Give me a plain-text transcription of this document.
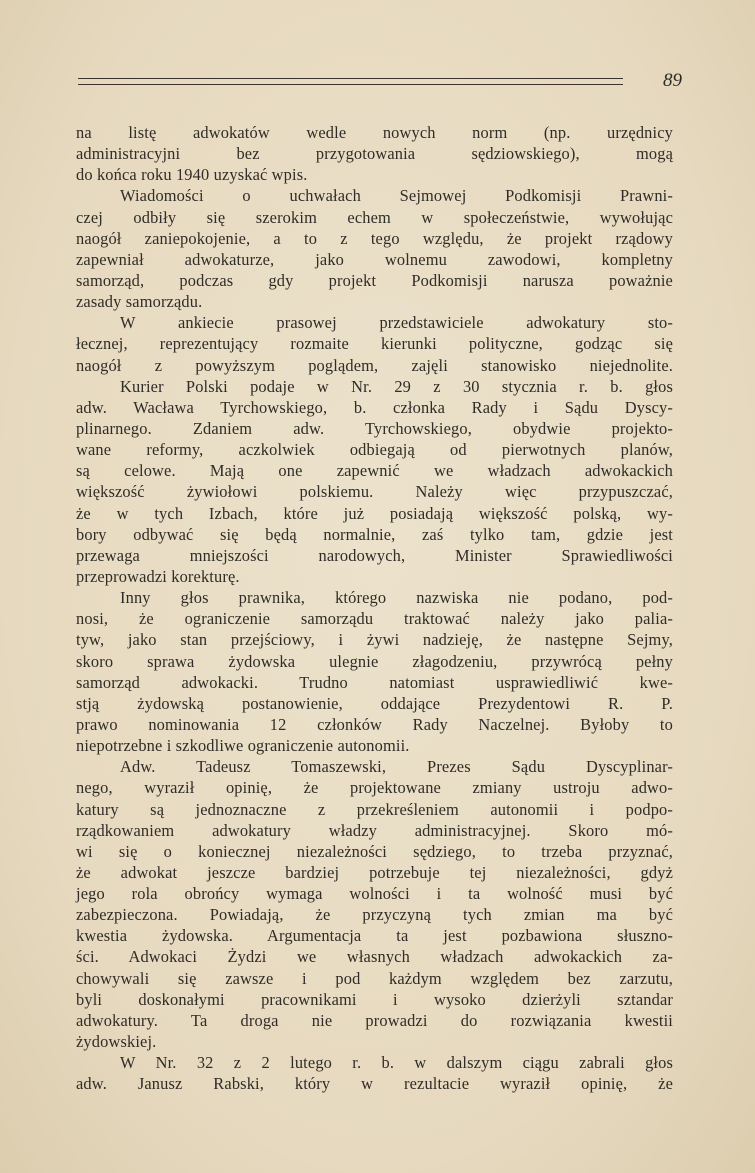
89
na listę adwokatów wedle nowych norm (np. urzędnicy
administracyjni bez przygotowania sędziowskiego), mogą
do końca roku 1940 uzyskać wpis.
Wiadomości o uchwałach Sejmowej Podkomisji Prawni-
czej odbiły się szerokim echem w społeczeństwie, wywołując
naogół zaniepokojenie, a to z tego względu, że projekt rządowy
zapewniał adwokaturze, jako wolnemu zawodowi, kompletny
samorząd, podczas gdy projekt Podkomisji narusza poważnie
zasady samorządu.
W ankiecie prasowej przedstawiciele adwokatury sto-
łecznej, reprezentujący rozmaite kierunki polityczne, godząc się
naogół z powyższym poglądem, zajęli stanowisko niejednolite.
Kurier Polski podaje w Nr. 29 z 30 stycznia r. b. głos
adw. Wacława Tyrchowskiego, b. członka Rady i Sądu Dyscy-
plinarnego. Zdaniem adw. Tyrchowskiego, obydwie projekto-
wane reformy, aczkolwiek odbiegają od pierwotnych planów,
są celowe. Mają one zapewnić we władzach adwokackich
większość żywiołowi polskiemu. Należy więc przypuszczać,
że w tych Izbach, które już posiadają większość polską, wy-
bory odbywać się będą normalnie, zaś tylko tam, gdzie jest
przewaga mniejszości narodowych, Minister Sprawiedliwości
przeprowadzi korekturę.
Inny głos prawnika, którego nazwiska nie podano, pod-
nosi, że ograniczenie samorządu traktować należy jako palia-
tyw, jako stan przejściowy, i żywi nadzieję, że następne Sejmy,
skoro sprawa żydowska ulegnie złagodzeniu, przywrócą pełny
samorząd adwokacki. Trudno natomiast usprawiedliwić kwe-
stją żydowską postanowienie, oddające Prezydentowi R. P.
prawo nominowania 12 członków Rady Naczelnej. Byłoby to
niepotrzebne i szkodliwe ograniczenie autonomii.
Adw. Tadeusz Tomaszewski, Prezes Sądu Dyscyplinar-
nego, wyraził opinię, że projektowane zmiany ustroju adwo-
katury są jednoznaczne z przekreśleniem autonomii i podpo-
rządkowaniem adwokatury władzy administracyjnej. Skoro mó-
wi się o koniecznej niezależności sędziego, to trzeba przyznać,
że adwokat jeszcze bardziej potrzebuje tej niezależności, gdyż
jego rola obrońcy wymaga wolności i ta wolność musi być
zabezpieczona. Powiadają, że przyczyną tych zmian ma być
kwestia żydowska. Argumentacja ta jest pozbawiona słuszno-
ści. Adwokaci Żydzi we własnych władzach adwokackich za-
chowywali się zawsze i pod każdym względem bez zarzutu,
byli doskonałymi pracownikami i wysoko dzierżyli sztandar
adwokatury. Ta droga nie prowadzi do rozwiązania kwestii
żydowskiej.
W Nr. 32 z 2 lutego r. b. w dalszym ciągu zabrali głos
adw. Janusz Rabski, który w rezultacie wyraził opinię, że
